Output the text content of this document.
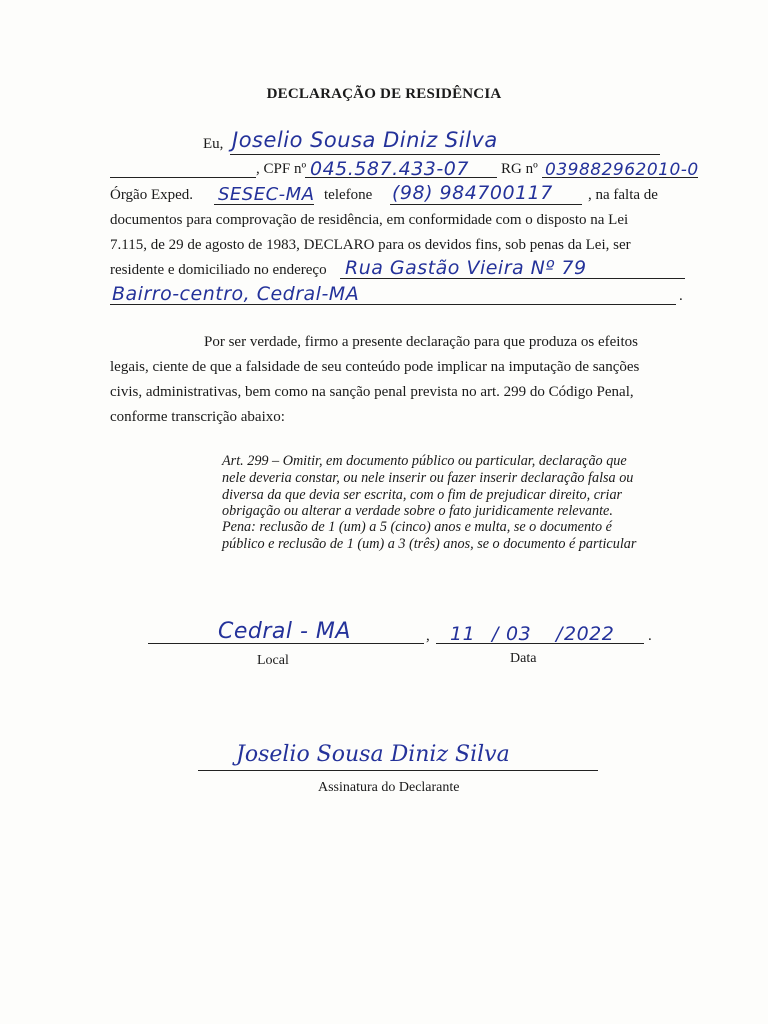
DECLARAÇÃO DE RESIDÊNCIA
Eu, Joselio Sousa Diniz Silva
, CPF nº 045.587.433-07 RG nº 039882962010-0
Órgão Exped. SESEC-MA telefone (98) 984700117 , na falta de
documentos para comprovação de residência, em conformidade com o disposto na Lei
7.115, de 29 de agosto de 1983, DECLARO para os devidos fins, sob penas da Lei, ser
residente e domiciliado no endereço Rua Gastão Vieira Nº 79
Bairro-centro, Cedral-MA	.
Por ser verdade, firmo a presente declaração para que produza os efeitos
legais, ciente de que a falsidade de seu conteúdo pode implicar na imputação de sanções
civis, administrativas, bem como na sanção penal prevista no art. 299 do Código Penal,
conforme transcrição abaixo:
Art. 299 – Omitir, em documento público ou particular, declaração que
nele deveria constar, ou nele inserir ou fazer inserir declaração falsa ou
diversa da que devia ser escrita, com o fim de prejudicar direito, criar
obrigação ou alterar a verdade sobre o fato juridicamente relevante.
Pena: reclusão de 1 (um) a 5 (cinco) anos e multa, se o documento é
público e reclusão de 1 (um) a 3 (três) anos, se o documento é particular
Cedral - MA	, 11 / 03 / 2022 .
Local	Data
Joselio Sousa Diniz Silva
Assinatura do Declarante
